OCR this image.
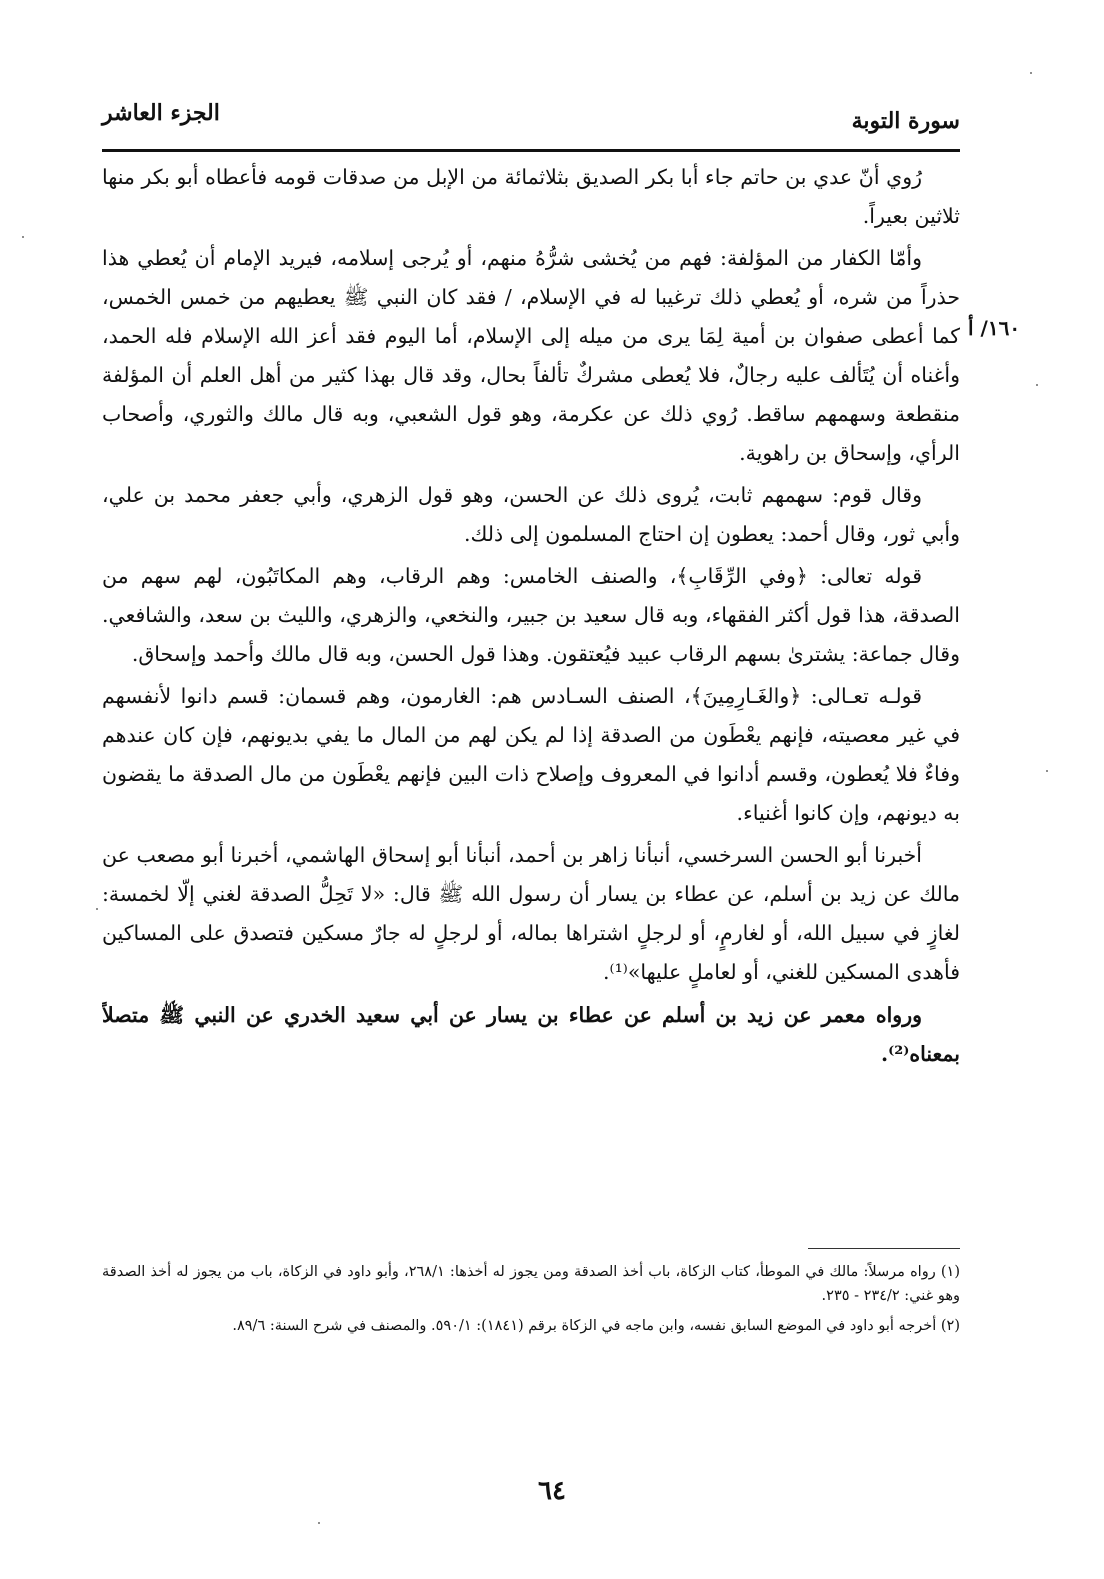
سورة التوبة
الجزء العاشر
١٦٠/ أ

رُوي أنّ عدي بن حاتم جاء أبا بكر الصديق بثلاثمائة من الإبل من صدقات قومه فأعطاه أبو بكر منها ثلاثين بعيراً.

وأمّا الكفار من المؤلفة: فهم من يُخشى شرُّهُ منهم، أو يُرجى إسلامه، فيريد الإمام أن يُعطي هذا حذراً من شره، أو يُعطي ذلك ترغيبا له في الإسلام، / فقد كان النبي ﷺ يعطيهم من خمس الخمس، كما أعطى صفوان بن أمية لِمَا يرى من ميله إلى الإسلام، أما اليوم فقد أعز الله الإسلام فله الحمد، وأغناه أن يُتَألف عليه رجالٌ، فلا يُعطى مشركٌ تألفاً بحال، وقد قال بهذا كثير من أهل العلم أن المؤلفة منقطعة وسهمهم ساقط. رُوي ذلك عن عكرمة، وهو قول الشعبي، وبه قال مالك والثوري، وأصحاب الرأي، وإسحاق بن راهوية.

وقال قوم: سهمهم ثابت، يُروى ذلك عن الحسن، وهو قول الزهري، وأبي جعفر محمد بن علي، وأبي ثور، وقال أحمد: يعطون إن احتاج المسلمون إلى ذلك.

قوله تعالى: ﴿وفي الرِّقَابِ﴾، والصنف الخامس: وهم الرقاب، وهم المكاتَبُون، لهم سهم من الصدقة، هذا قول أكثر الفقهاء، وبه قال سعيد بن جبير، والنخعي، والزهري، والليث بن سعد، والشافعي. وقال جماعة: يشترىٰ بسهم الرقاب عبيد فيُعتقون. وهذا قول الحسن، وبه قال مالك وأحمد وإسحاق.

قولـه تعـالى: ﴿والغَـارِمِينَ﴾، الصنف السـادس هم: الغارمون، وهم قسمان: قسم دانوا لأنفسهم في غير معصيته، فإنهم يعْطَون من الصدقة إذا لم يكن لهم من المال ما يفي بديونهم، فإن كان عندهم وفاءٌ فلا يُعطون، وقسم أدانوا في المعروف وإصلاح ذات البين فإنهم يعْطَون من مال الصدقة ما يقضون به ديونهم، وإن كانوا أغنياء.

أخبرنا أبو الحسن السرخسي، أنبأنا زاهر بن أحمد، أنبأنا أبو إسحاق الهاشمي، أخبرنا أبو مصعب عن مالك عن زيد بن أسلم، عن عطاء بن يسار أن رسول الله ﷺ قال: «لا تَحِلُّ الصدقة لغني إلّا لخمسة: لغازٍ في سبيل الله، أو لغارمٍ، أو لرجلٍ اشتراها بماله، أو لرجلٍ له جارٌ مسكين فتصدق على المساكين فأهدى المسكين للغني، أو لعاملٍ عليها»⁽¹⁾.

ورواه معمر عن زيد بن أسلم عن عطاء بن يسار عن أبي سعيد الخدري عن النبي ﷺ متصلاً بمعناه⁽²⁾.

(١) رواه مرسلاً: مالك في الموطأ، كتاب الزكاة، باب أخذ الصدقة ومن يجوز له أخذها: ٢٦٨/١، وأبو داود في الزكاة، باب من يجوز له أخذ الصدقة وهو غني: ٢٣٤/٢ - ٢٣٥.

(٢) أخرجه أبو داود في الموضع السابق نفسه، وابن ماجه في الزكاة برقم (١٨٤١): ٥٩٠/١. والمصنف في شرح السنة: ٨٩/٦.

٦٤
